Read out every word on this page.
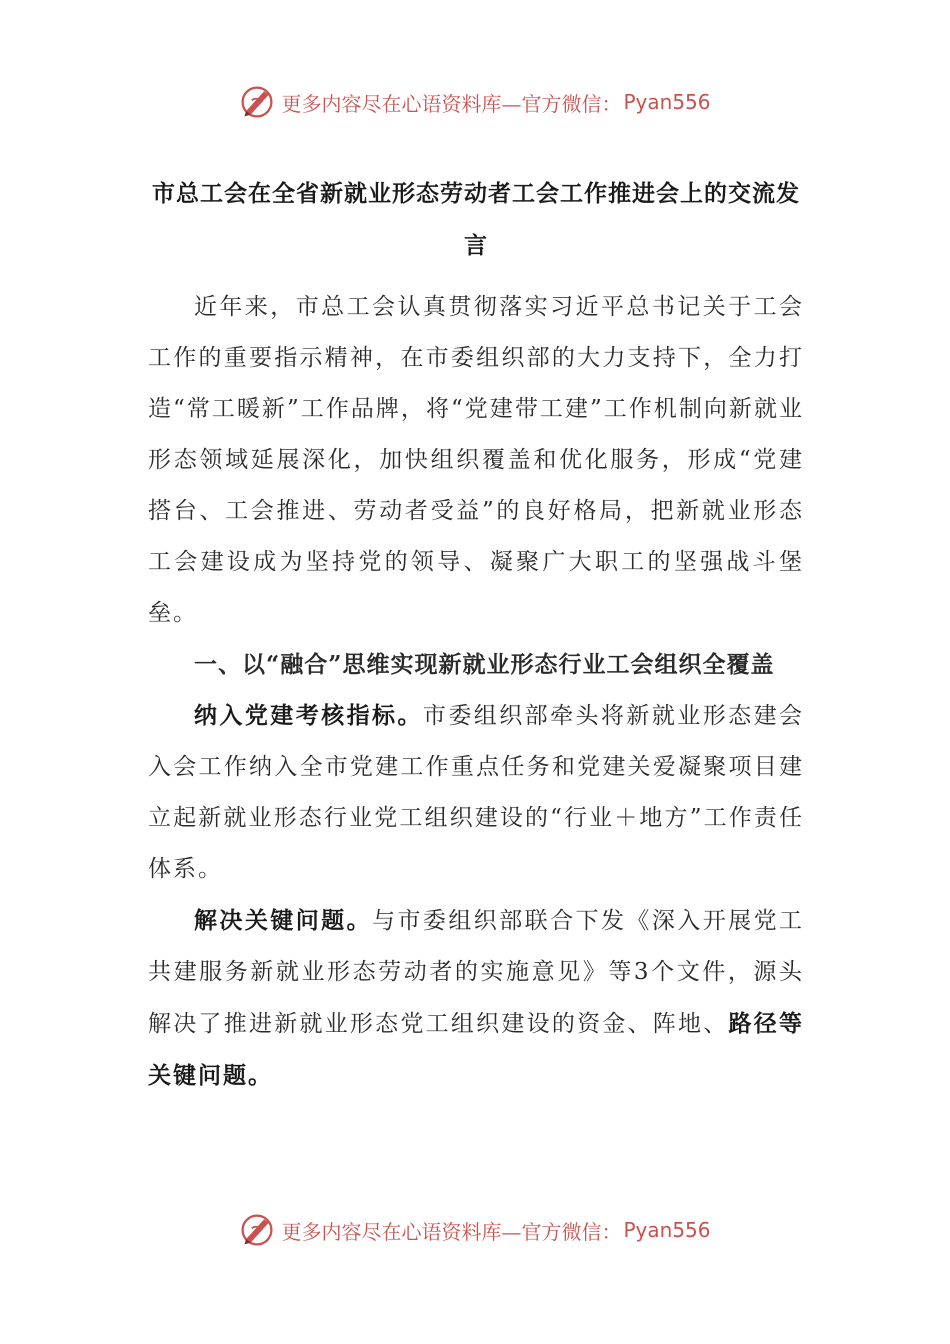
更多内容尽在心语资料库—官方微信： Pyan556
市总工会在全省新就业形态劳动者工会工作推进会上的交流发言

近年来，市总工会认真贯彻落实习近平总书记关于工会工作的重要指示精神，在市委组织部的大力支持下，全力打造“常工暖新”工作品牌，将“党建带工建”工作机制向新就业形态领域延展深化，加快组织覆盖和优化服务，形成“党建搭台、工会推进、劳动者受益”的良好格局，把新就业形态工会建设成为坚持党的领导、凝聚广大职工的坚强战斗堡垒。

一、以“融合”思维实现新就业形态行业工会组织全覆盖

纳入党建考核指标。市委组织部牵头将新就业形态建会入会工作纳入全市党建工作重点任务和党建关爱凝聚项目建立起新就业形态行业党工组织建设的“行业＋地方”工作责任体系。

解决关键问题。与市委组织部联合下发《深入开展党工共建服务新就业形态劳动者的实施意见》等3个文件，源头解决了推进新就业形态党工组织建设的资金、阵地、路径等关键问题。

更多内容尽在心语资料库—官方微信： Pyan556
